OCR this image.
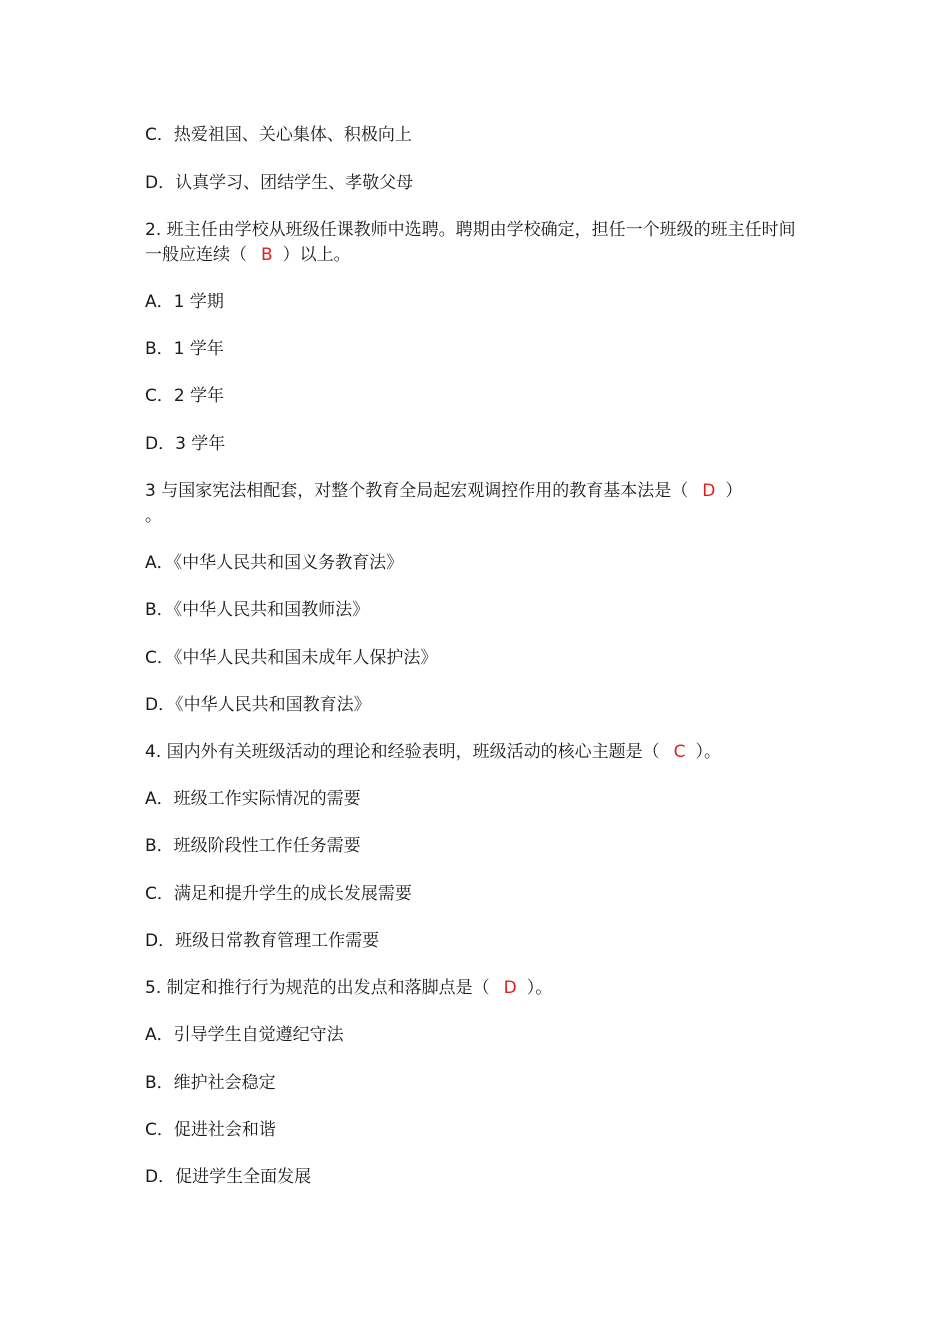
C．热爱祖国、关心集体、积极向上
D．认真学习、团结学生、孝敬父母
2. 班主任由学校从班级任课教师中选聘。聘期由学校确定，担任一个班级的班主任时间一般应连续（ B ）以上。
A．1 学期
B．1 学年
C．2 学年
D．3 学年
3 与国家宪法相配套，对整个教育全局起宏观调控作用的教育基本法是（ D ）
。
A．《中华人民共和国义务教育法》
B．《中华人民共和国教师法》
C．《中华人民共和国未成年人保护法》
D．《中华人民共和国教育法》
4. 国内外有关班级活动的理论和经验表明，班级活动的核心主题是（ C ）。
A．班级工作实际情况的需要
B．班级阶段性工作任务需要
C．满足和提升学生的成长发展需要
D．班级日常教育管理工作需要
5. 制定和推行行为规范的出发点和落脚点是（ D ）。
A．引导学生自觉遵纪守法
B．维护社会稳定
C．促进社会和谐
D．促进学生全面发展
